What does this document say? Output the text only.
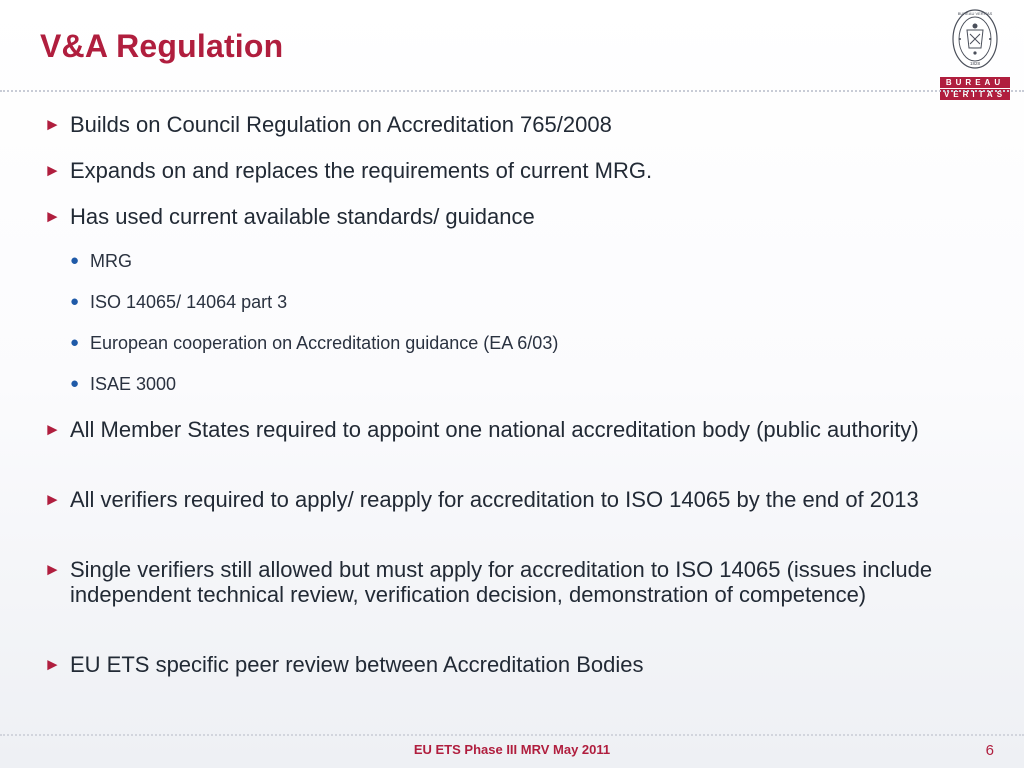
V&A Regulation
BUREAU VERITAS
1828
BUREAU
VERITAS
► Builds on Council Regulation on Accreditation 765/2008
► Expands on and replaces the requirements of current MRG.
► Has used current available standards/ guidance
● MRG
● ISO 14065/ 14064 part 3
● European cooperation on Accreditation guidance (EA 6/03)
● ISAE 3000
► All Member States required to appoint one national accreditation body (public authority)
► All verifiers required to apply/ reapply for accreditation to ISO 14065 by the end of 2013
► Single verifiers still allowed but must apply for accreditation to ISO 14065 (issues include independent technical review, verification decision, demonstration of competence)
► EU ETS specific peer review between Accreditation Bodies
EU ETS Phase III MRV May 2011	6
